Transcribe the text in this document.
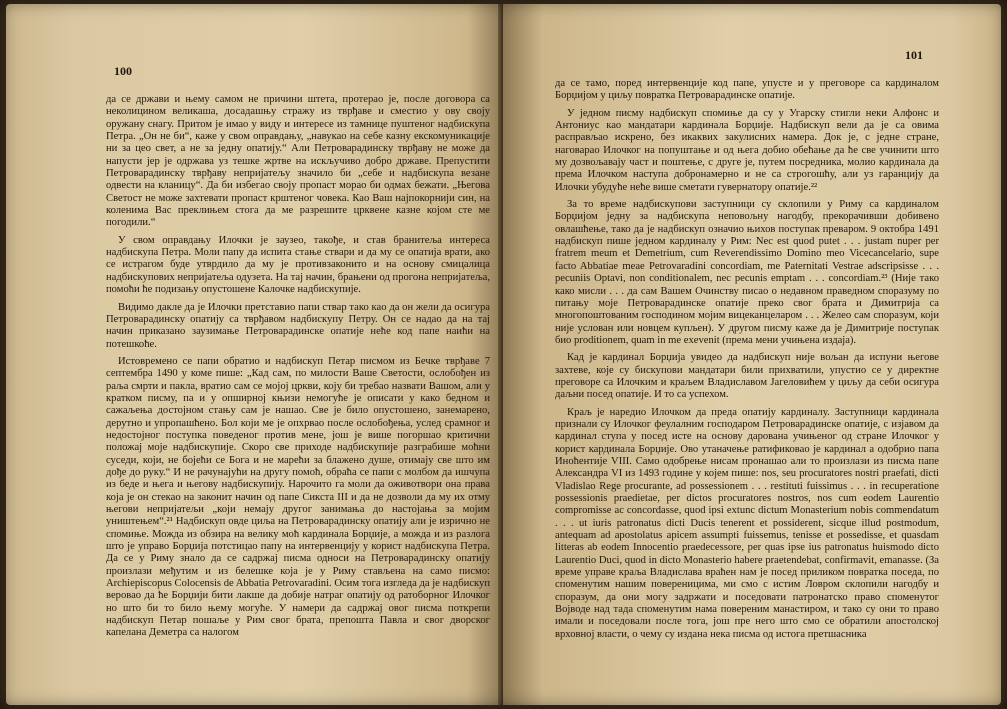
100

да се држави и њему самом не причини штета, протерао је, после договора са неколицином великаша, досадашњу стражу из тврђаве и сместио у ову својy оружану снагу. Притом је имао у виду и интересе из тамнице пуштеног надбискупа Петра. „Он не би“, каже у свом оправдању, „навукао на себе казну екскомуникације ни за цео свет, а не за једну опатију.“ Али Петроварадинску тврђаву не може да напусти јер је одржава уз тешке жртве на искључиво добро државе. Препустити Петроварадинску тврђаву непријатељу значило би „себе и надбискупа везане одвести на кланицу“. Да би избегао своју пропаст морао би одмах бежати. „Његова Светост не може захтевати пропаст крштеног човека. Као Ваш најпокорнији син, на коленима Вас преклињем стога да ме разрешите црквене казне којом сте ме погодили.“

У свом оправдању Илочки је заузео, такође, и став бранитеља интереса надбискупа Петра. Моли папу да испита стање ствари и да му се опатија врати, ако се истрагом буде утврдило да му је противзаконито и на основу смицалица надбискупових непријатеља одузета. На тај начин, брањени од прогона непријатеља, помоћи ће подизању опустошене Калочке надбискупије.

Видимо дакле да је Илочки претставио папи ствар тако као да он жели да осигура Петроварадинску опатију са тврђавом надбискупу Петру. Он се надао да на тај начин приказано заузимање Петроварадинске опатије неће код папе наићи на потешкоће.

Истовремено се папи обратио и надбискуп Петар писмом из Бечке тврђаве 7 септембра 1490 у коме пише: „Кад сам, по милости Ваше Светости, ослобођен из раља смрти и пакла, вратио сам се мојој цркви, коју би требао назвати Вашом, али у кратком писму, па и у опширној књизи немогуће је описати у како бедном и сажаљења достојном стању сам је нашао. Све је било опустошено, занемарено, дерутно и упропашћено. Бол који ме је опхрвао после ослобођења, услед срамног и недостојног поступка поведеног против мене, још је више погоршао критични положај моје надбискупије. Скоро све приходе надбискупије разграбише моћни суседи, који, не бојећи се Бога и не марећи за блажено душе, отимају све што им дође до руку.“ И не рачунајући на другу помоћ, обраћа се папи с молбом да ишчупа из беде и њега и његову надбискупију. Нарочито га моли да оживотвори она права која је он стекао на законит начин од папе Сикста III и да не дозволи да му их отму његови непријатељи „који немају другог занимања до настојања за мојим уништењем“.²¹ Надбискуп овде циља на Петроварадинску опатију али је изрично не спомиње. Можда из обзира на велику моћ кардинала Борџије, а можда и из разлога што је управо Борџија потстицао папу на интервенцију у корист надбискупа Петра. Да се у Риму знало да се садржај писма односи на Петроварадинску опатију произлази међутим и из белешке која је у Риму стављена на само писмо: Archiepiscopus Colocensis de Abbatia Petrovaradini. Осим тога изгледа да је надбискуп веровао да ће Борџији бити лакше да добије натраг опатију од ратоборног Илочког но што би то било њему могуће. У намери да садржај овог писма поткрепи надбискуп Петар пошаље у Рим свог брата, препошта Павла и свог дворског капелана Деметра са налогом

101

да се тамо, поред интервенције код папе, упусте и у преговоре са кардиналом Борџијом у циљу повратка Петроварадинске опатије.

У једном писму надбискуп спомиње да су у Угарску стигли неки Алфонс и Антониус као мандатари кардинала Борџије. Надбискуп вели да је са овима расправљао искрено, без икаквих закулисних намера. Док је, с једне стране, наговарао Илочког на попуштање и од њега добио обећање да ће све учинити што му дозвољавају част и поштење, с друге је, путем посредника, молио кардинала да према Илочком наступа добронамерно и не са строгошћу, али уз гаранцију да Илочки убудуће неће више сметати гувернатору опатије.²²

За то време надбискупови заступници су склопили у Риму са кардиналом Борџијом једну за надбискупа неповољну нагодбу, прекорачивши добивено овлашћење, тако да је надбискуп означио њихов поступак превaром. 9 октобра 1491 надбискуп пише једном кардиналу у Рим: Nec est quod putet . . . justam nuper per fratrem meum et Demetrium, cum Reverendissimo Domino meo Vicecancelario, supe facto Abbatiae meae Petrovaradini concordiam, me Paternitati Vestrae adscripsisse . . . pecuniis Optavi, non conditionalem, nec pecunis emptam . . . concordiam.²³ (Није тако како мисли . . . да сам Вашем Очинству писао о недавном праведном споразуму по питању моје Петроварадинске опатије преко свог брата и Димитрија са многопоштованим господином мојим вицеканцеларом . . . Желео сам споразум, који није услован или новцем купљен). У другом писму каже да је Димитрије поступак био proditionem, quam in me exevenit (према мени учињена издаја).

Кад је кардинал Борџија увидео да надбискуп није вољан да испуни његове захтеве, које су бискупови мандатари били прихватили, упустио се у директне преговоре са Илочким и краљем Владиславом Јагеловићем у циљу да себи осигура даљни посед опатије. И то са успехом.

Краљ је наредио Илочком да преда опатију кардиналу. Заступници кардинала признали су Илочког феулалним господаром Петроварадинске опатије, с изјавом да кардинал ступа у посед исте на основу дарована учињеног од стране Илочког у корист кардинала Борџије. Ово утаначење ратификовао је кардинал а одобрио папа Иноћентије VIII. Само одобрење нисам пронашао али то произлази из писма папе Александра VI из 1493 године у којем пише: nos, seu procuratores nostri praefati, dicti Vladislao Rege procurante, ad possessionem . . . restituti fuissimus . . . in recuperatione possessionis praedietae, per dictos procuratores nostros, nos cum eodem Laurentio compromisse ac concordasse, quod ipsi extunc dictum Monasterium nobis commendatum . . . ut iuris patronatus dicti Ducis tenerent et possiderent, sicque illud postmodum, antequam ad apostolatus apicem assumpti fuissemus, tenisse et possedisse, et quasdam litteras ab eodem Innocentio praedecessore, per quas ipse ius patronatus huismodo dicto Laurentio Duci, quod in dicto Monasterio habere praetendebat, confirmavit, emanasse. (За време управе краља Владислава враћен нам је посед приликом повратка поседа, по споменутим нашим повереницима, ми смо с истим Ловром склопили нагодбу и споразум, да они могу задржати и поседовати патронатско право споменутог Војводе над тада споменутим нама повереним манастиром, и тако су они то право имали и поседовали после тога, још пре него што смо се обратили апостолској врховној власти, о чему су издана нека писма од истога претшасника
